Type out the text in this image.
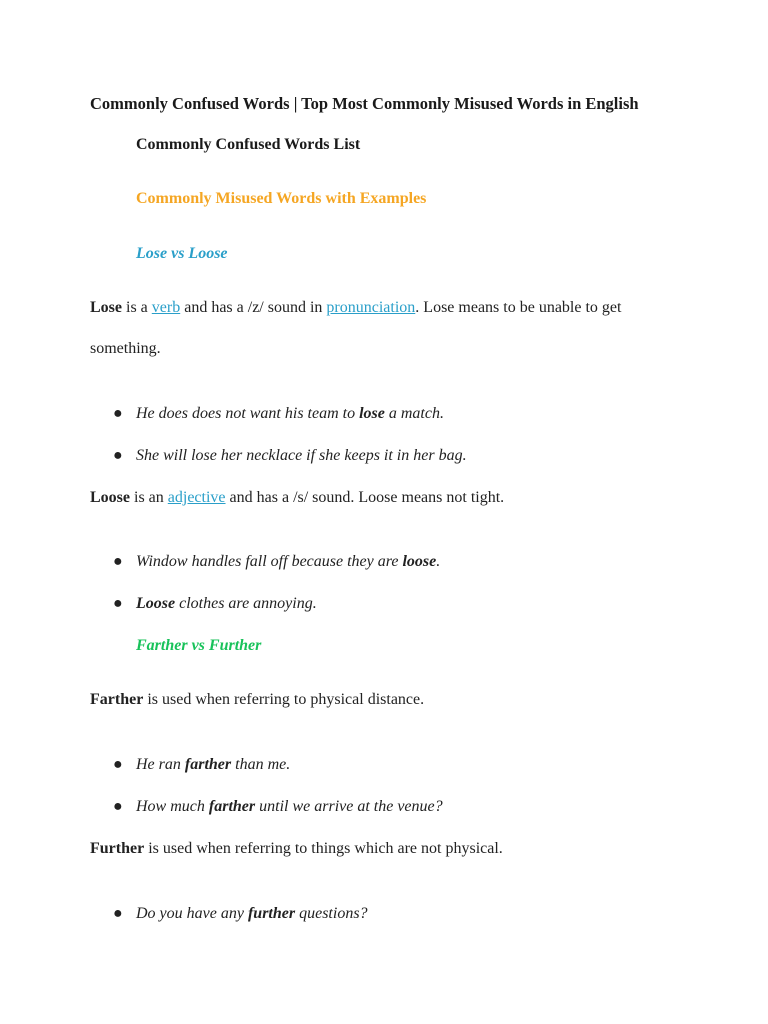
Commonly Confused Words | Top Most Commonly Misused Words in English
Commonly Confused Words List
Commonly Misused Words with Examples
Lose vs Loose
Lose is a verb and has a /z/ sound in pronunciation. Lose means to be unable to get
something.
● He does does not want his team to lose a match.
● She will lose her necklace if she keeps it in her bag.
Loose is an adjective and has a /s/ sound. Loose means not tight.
● Window handles fall off because they are loose.
● Loose clothes are annoying.
Farther vs Further
Farther is used when referring to physical distance.
● He ran farther than me.
● How much farther until we arrive at the venue?
Further is used when referring to things which are not physical.
● Do you have any further questions?
